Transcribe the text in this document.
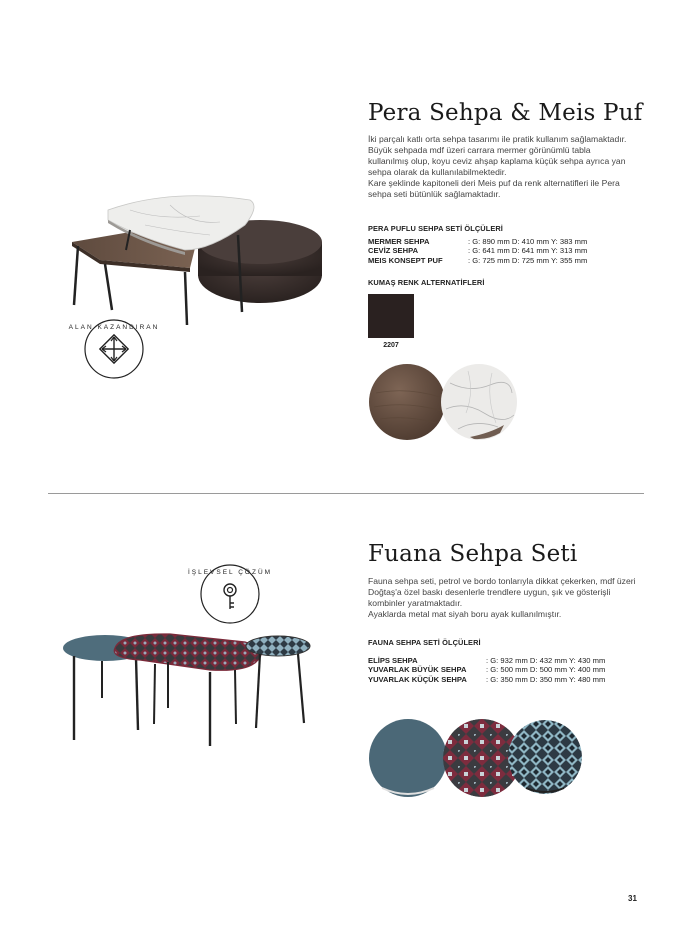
ALAN KAZANDIRAN
Pera Sehpa & Meis Puf

İki parçalı katlı orta sehpa tasarımı ile pratik kullanım sağlamaktadır.

Büyük sehpada mdf üzeri carrara mermer görünümlü tabla kullanılmış olup, koyu ceviz ahşap kaplama küçük sehpa ayrıca yan sehpa olarak da kullanılabilmektedir.

Kare şeklinde kapitoneli deri Meis puf da renk alternatifleri ile Pera sehpa seti bütünlük sağlamaktadır.

PERA PUFLU SEHPA SETİ ÖLÇÜLERİ
MERMER SEHPA	: G: 890 mm D: 410 mm Y: 383 mm
CEVİZ SEHPA	: G: 641 mm D: 641 mm Y: 313 mm
MEIS KONSEPT PUF	: G: 725 mm D: 725 mm Y: 355 mm
KUMAŞ RENK ALTERNATİFLERİ
2207
İŞLEVSEL ÇÖZÜM
Fuana Sehpa Seti

Fauna sehpa seti, petrol ve bordo tonlarıyla dikkat çekerken, mdf üzeri Doğtaş'a özel baskı desenlerle trendlere uygun, şık ve gösterişli kombinler yaratmaktadır.

Ayaklarda metal mat siyah boru ayak kullanılmıştır.

FAUNA SEHPA SETİ ÖLÇÜLERİ
ELİPS SEHPA	: G: 932 mm D: 432 mm Y: 430 mm
YUVARLAK BÜYÜK SEHPA	: G: 500 mm D: 500 mm Y: 400 mm
YUVARLAK KÜÇÜK SEHPA	: G: 350 mm D: 350 mm Y: 480 mm
31
